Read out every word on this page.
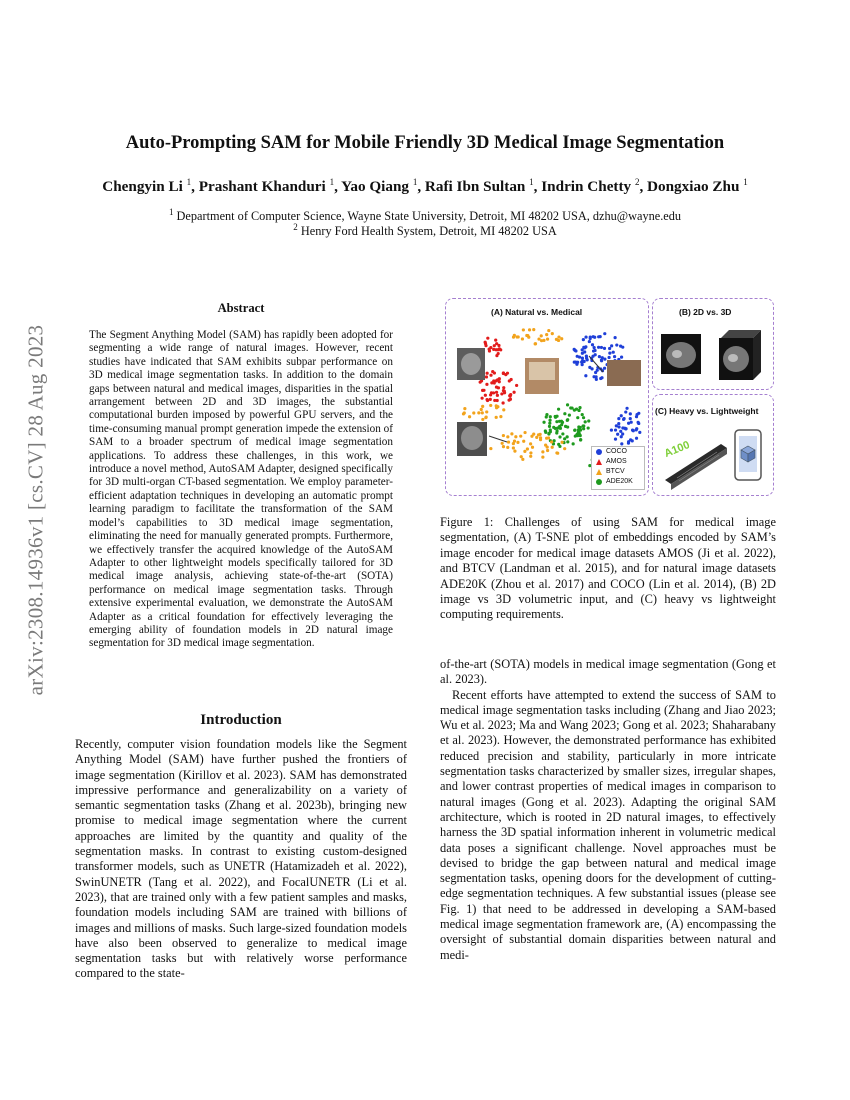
Auto-Prompting SAM for Mobile Friendly 3D Medical Image Segmentation
Chengyin Li $^1$, Prashant Khanduri $^1$, Yao Qiang $^1$, Rafi Ibn Sultan $^1$, Indrin Chetty $^2$, Dongxiao Zhu $^1$
$^1$ Department of Computer Science, Wayne State University, Detroit, MI 48202 USA, dzhu@wayne.edu
$^2$ Henry Ford Health System, Detroit, MI 48202 USA
arXiv:2308.14936v1 [cs.CV] 28 Aug 2023
Abstract
The Segment Anything Model (SAM) has rapidly been adopted for segmenting a wide range of natural images. However, recent studies have indicated that SAM exhibits subpar performance on 3D medical image segmentation tasks. In addition to the domain gaps between natural and medical images, disparities in the spatial arrangement between 2D and 3D images, the substantial computational burden imposed by powerful GPU servers, and the time-consuming manual prompt generation impede the extension of SAM to a broader spectrum of medical image segmentation applications. To address these challenges, in this work, we introduce a novel method, AutoSAM Adapter, designed specifically for 3D multi-organ CT-based segmentation. We employ parameter-efficient adaptation techniques in developing an automatic prompt learning paradigm to facilitate the transformation of the SAM model’s capabilities to 3D medical image segmentation, eliminating the need for manually generated prompts. Furthermore, we effectively transfer the acquired knowledge of the AutoSAM Adapter to other lightweight models specifically tailored for 3D medical image analysis, achieving state-of-the-art (SOTA) performance on medical image segmentation tasks. Through extensive experimental evaluation, we demonstrate the AutoSAM Adapter as a critical foundation for effectively leveraging the emerging ability of foundation models in 2D natural image segmentation for 3D medical image segmentation.
Introduction

Recently, computer vision foundation models like the Segment Anything Model (SAM) have further pushed the frontiers of image segmentation (Kirillov et al. 2023). SAM has demonstrated impressive performance and generalizability on a variety of semantic segmentation tasks (Zhang et al. 2023b), bringing new promise to medical image segmentation where the current approaches are limited by the quantity and quality of the segmentation masks. In contrast to existing custom-designed transformer models, such as UNETR (Hatamizadeh et al. 2022), SwinUNETR (Tang et al. 2022), and FocalUNETR (Li et al. 2023), that are trained only with a few patient samples and masks, foundation models including SAM are trained with billions of images and millions of masks. Such large-sized foundation models have also been observed to generalize to medical image segmentation tasks but with relatively worse performance compared to the state-

(A) Natural vs. Medical	(B) 2D vs. 3D
(C) Heavy vs. Lightweight
COCO
AMOS
BTCV
ADE20K
A100
Figure 1: Challenges of using SAM for medical image segmentation, (A) T-SNE plot of embeddings encoded by SAM’s image encoder for medical image datasets AMOS (Ji et al. 2022), and BTCV (Landman et al. 2015), and for natural image datasets ADE20K (Zhou et al. 2017) and COCO (Lin et al. 2014), (B) 2D image vs 3D volumetric input, and (C) heavy vs lightweight computing requirements.

of-the-art (SOTA) models in medical image segmentation (Gong et al. 2023).

Recent efforts have attempted to extend the success of SAM to medical image segmentation tasks including (Zhang and Jiao 2023; Wu et al. 2023; Ma and Wang 2023; Gong et al. 2023; Shaharabany et al. 2023). However, the demonstrated performance has exhibited reduced precision and stability, particularly in more intricate segmentation tasks characterized by smaller sizes, irregular shapes, and lower contrast properties of medical images in comparison to natural images (Gong et al. 2023). Adapting the original SAM architecture, which is rooted in 2D natural images, to effectively harness the 3D spatial information inherent in volumetric medical data poses a significant challenge. Novel approaches must be devised to bridge the gap between natural and medical image segmentation tasks, opening doors for the development of cutting-edge segmentation techniques. A few substantial issues (please see Fig. 1) that need to be addressed in developing a SAM-based medical image segmentation framework are, (A) encompassing the oversight of substantial domain disparities between natural and medi-
